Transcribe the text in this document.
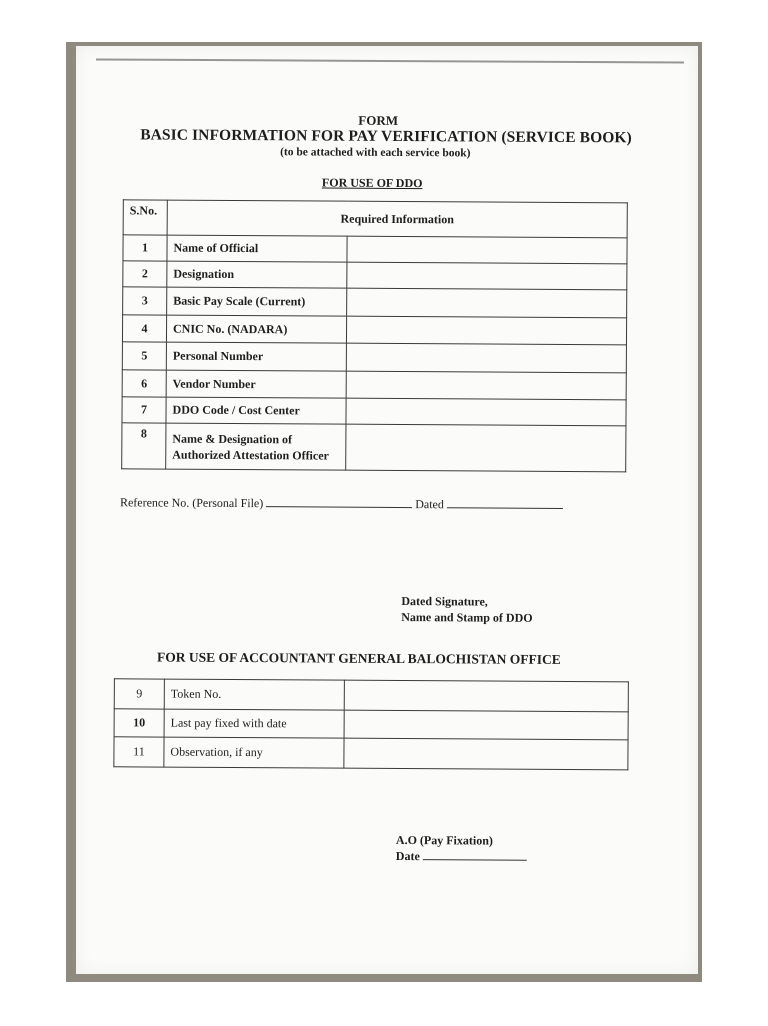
FORM
BASIC INFORMATION FOR PAY VERIFICATION (SERVICE BOOK)
(to be attached with each service book)
FOR USE OF DDO
S.No.	Required Information	
1	Name of Official	
2	Designation	
3	Basic Pay Scale (Current)	
4	CNIC No. (NADARA)	
5	Personal Number	
6	Vendor Number	
7	DDO Code / Cost Center	
8	Name & Designation of Authorized Attestation Officer	
Reference No. (Personal File)	Dated
Dated Signature,
Name and Stamp of DDO
FOR USE OF ACCOUNTANT GENERAL BALOCHISTAN OFFICE
9	Token No.	
10	Last pay fixed with date	
11	Observation, if any	
A.O (Pay Fixation)
Date
